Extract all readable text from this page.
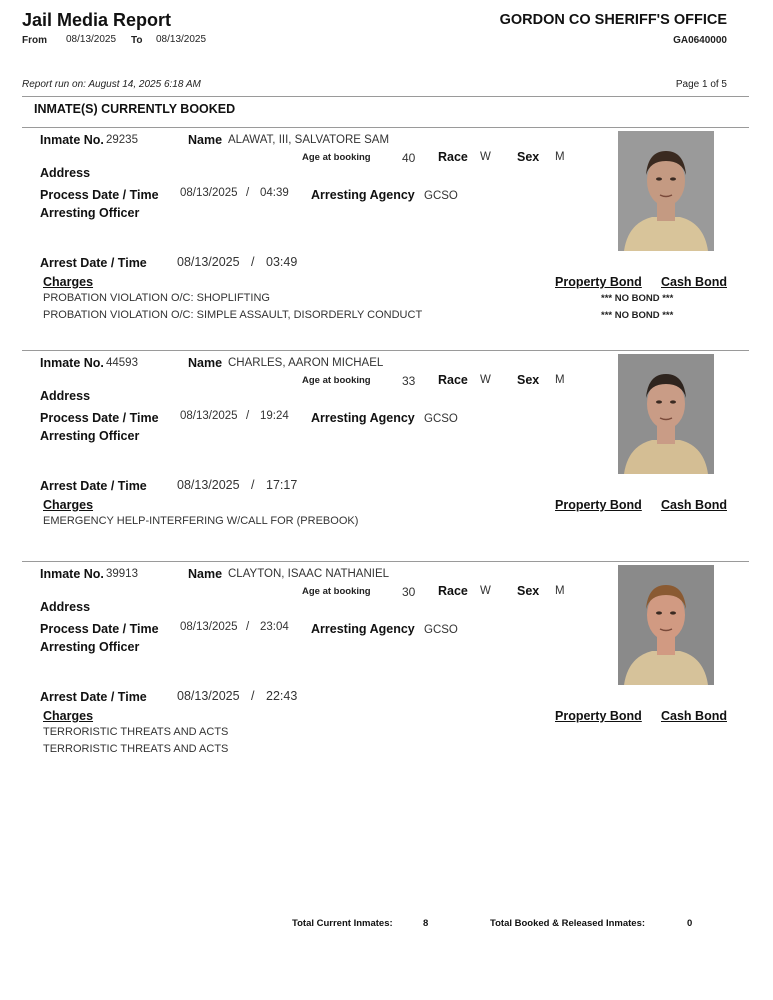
Jail Media Report
From 08/13/2025 To 08/13/2025
GORDON CO SHERIFF'S OFFICE
GA0640000
Report run on: August 14, 2025 6:18 AM	Page 1 of 5
INMATE(S) CURRENTLY BOOKED
Inmate No. 29235	Name ALAWAT, III, SALVATORE SAM
Age at booking	40 Race W Sex M
Address
Process Date / Time 08/13/2025 / 04:39 Arresting Agency GCSO
Arresting Officer
Arrest Date / Time 08/13/2025 / 03:49
Charges	Property Bond Cash Bond
PROBATION VIOLATION O/C: SHOPLIFTING	*** NO BOND ***
PROBATION VIOLATION O/C: SIMPLE ASSAULT, DISORDERLY CONDUCT	*** NO BOND ***
Inmate No. 44593	Name CHARLES, AARON MICHAEL
Age at booking	33 Race W Sex M
Address
Process Date / Time 08/13/2025 / 19:24 Arresting Agency GCSO
Arresting Officer
Arrest Date / Time 08/13/2025 / 17:17
Charges	Property Bond Cash Bond
EMERGENCY HELP-INTERFERING W/CALL FOR (PREBOOK)
Inmate No. 39913	Name CLAYTON, ISAAC NATHANIEL
Age at booking	30 Race W Sex M
Address
Process Date / Time 08/13/2025 / 23:04 Arresting Agency GCSO
Arresting Officer
Arrest Date / Time 08/13/2025 / 22:43
Charges	Property Bond Cash Bond
TERRORISTIC THREATS AND ACTS
TERRORISTIC THREATS AND ACTS
Total Current Inmates:	8	Total Booked & Released Inmates:	0
